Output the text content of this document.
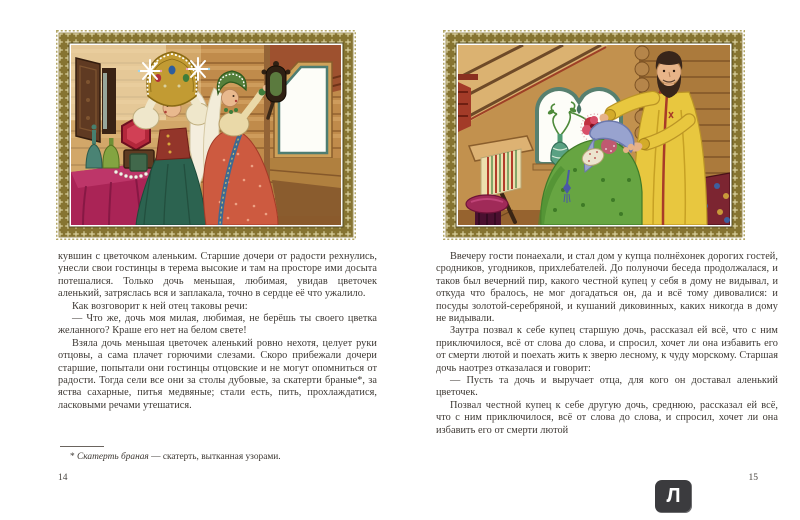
кувшин с цветочком аленьким. Старшие дочери от радости рехнулись, унесли свои гостинцы в терема высокие и там на просторе ими досыта потешалися. Только дочь меньшая, любимая, увидав цветочек аленький, затряслась вся и заплакала, точно в сердце её что ужалило.

Как возговорит к ней отец таковы речи:

— Что же, дочь моя милая, любимая, не берёшь ты своего цветка желанного? Краше его нет на белом свете!

Взяла дочь меньшая цветочек аленький ровно нехотя, целует руки отцовы, а сама плачет горючими слезами. Скоро прибежали дочери старшие, попытали они гостинцы отцовские и не могут опомниться от радости. Тогда сели все они за столы дубовые, за скатерти браные*, за яства сахарные, питья медвяные; стали есть, пить, прохлаждатися, ласковыми речами утешатися.

* Скатерть браная — скатерть, вытканная узорами.

14

Ввечеру гости понаехали, и стал дом у купца полнёхонек дорогих гостей, сродников, угодников, прихлебателей. До полуночи беседа продолжалася, и таков был вечерний пир, какого честной купец у себя в дому не видывал, и откуда что бралось, не мог догадаться он, да и всё тому дивовалися: и посуды золотой-серебряной, и кушаний диковинных, каких никогда в дому не видывали.

Заутра позвал к себе купец старшую дочь, рассказал ей всё, что с ним приключилося, всё от слова до слова, и спросил, хочет ли она избавить его от смерти лютой и поехать жить к зверю лесному, к чуду морскому. Старшая дочь наотрез отказалася и говорит:

— Пусть та дочь и выручает отца, для кого он доставал аленький цветочек.

Позвал честной купец к себе другую дочь, среднюю, рассказал ей всё, что с ним приключилося, всё от слова до слова, и спросил, хочет ли она избавить его от смерти лютой

15
Л
